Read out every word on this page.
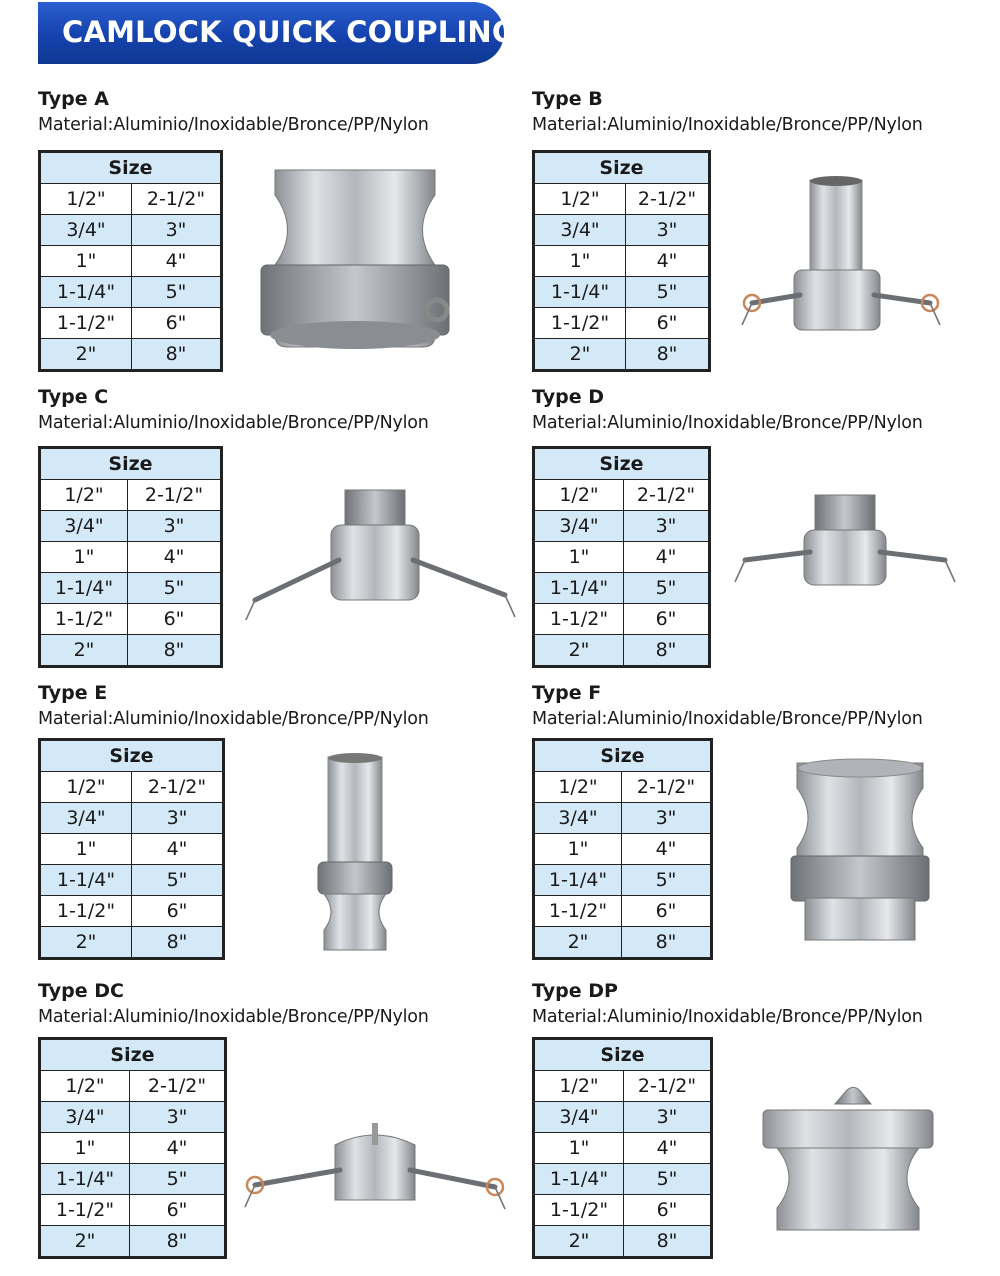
CAMLOCK QUICK COUPLING
Type A
Material:Aluminio/Inoxidable/Bronce/PP/Nylon
Size	
1/2"	2-1/2"
3/4"	3"
1"	4"
1-1/4"	5"
1-1/2"	6"
2"	8"
Type B
Material:Aluminio/Inoxidable/Bronce/PP/Nylon
Size	
1/2"	2-1/2"
3/4"	3"
1"	4"
1-1/4"	5"
1-1/2"	6"
2"	8"
Type C
Material:Aluminio/Inoxidable/Bronce/PP/Nylon
Size	
1/2"	2-1/2"
3/4"	3"
1"	4"
1-1/4"	5"
1-1/2"	6"
2"	8"
Type D
Material:Aluminio/Inoxidable/Bronce/PP/Nylon
Size	
1/2"	2-1/2"
3/4"	3"
1"	4"
1-1/4"	5"
1-1/2"	6"
2"	8"
Type E
Material:Aluminio/Inoxidable/Bronce/PP/Nylon
Size	
1/2"	2-1/2"
3/4"	3"
1"	4"
1-1/4"	5"
1-1/2"	6"
2"	8"
Type F
Material:Aluminio/Inoxidable/Bronce/PP/Nylon
Size	
1/2"	2-1/2"
3/4"	3"
1"	4"
1-1/4"	5"
1-1/2"	6"
2"	8"
Type DC
Material:Aluminio/Inoxidable/Bronce/PP/Nylon
Size	
1/2"	2-1/2"
3/4"	3"
1"	4"
1-1/4"	5"
1-1/2"	6"
2"	8"
Type DP
Material:Aluminio/Inoxidable/Bronce/PP/Nylon
Size	
1/2"	2-1/2"
3/4"	3"
1"	4"
1-1/4"	5"
1-1/2"	6"
2"	8"
